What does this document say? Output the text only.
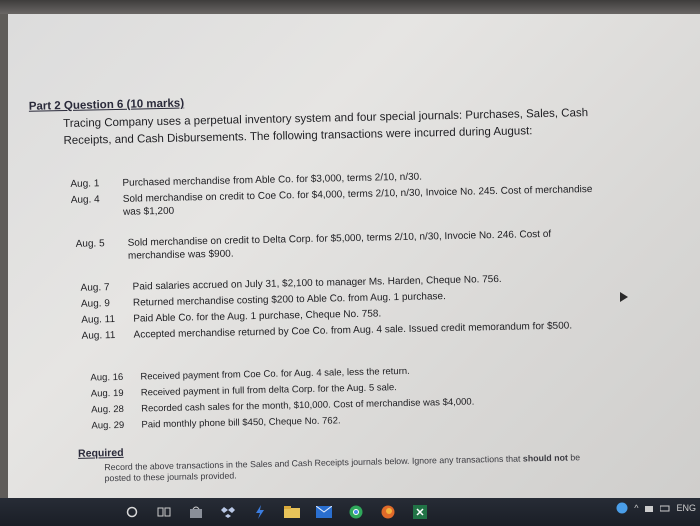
Part 2 Question 6 (10 marks)
Tracing Company uses a perpetual inventory system and four special journals: Purchases, Sales, Cash Receipts, and Cash Disbursements. The following transactions were incurred during August:
Aug. 1	Purchased merchandise from Able Co. for $3,000, terms 2/10, n/30.
Aug. 4	Sold merchandise on credit to Coe Co. for $4,000, terms 2/10, n/30, Invoice No. 245. Cost of merchandise was $1,200
Aug. 5	Sold merchandise on credit to Delta Corp. for $5,000, terms 2/10, n/30, Invocie No. 246. Cost of merchandise was $900.
Aug. 7	Paid salaries accrued on July 31, $2,100 to manager Ms. Harden, Cheque No. 756.
Aug. 9	Returned merchandise costing $200 to Able Co. from Aug. 1 purchase.
Aug. 11	Paid Able Co. for the Aug. 1 purchase, Cheque No. 758.
Aug. 11	Accepted merchandise returned by Coe Co. from Aug. 4 sale. Issued credit memorandum for $500.
Aug. 16	Received payment from Coe Co. for Aug. 4 sale, less the return.
Aug. 19	Received payment in full from delta Corp. for the Aug. 5 sale.
Aug. 28	Recorded cash sales for the month, $10,000. Cost of merchandise was $4,000.
Aug. 29	Paid monthly phone bill $450, Cheque No. 762.
Required
Record the above transactions in the Sales and Cash Receipts journals below. Ignore any transactions that should not be posted to these journals provided.
^	ENG
